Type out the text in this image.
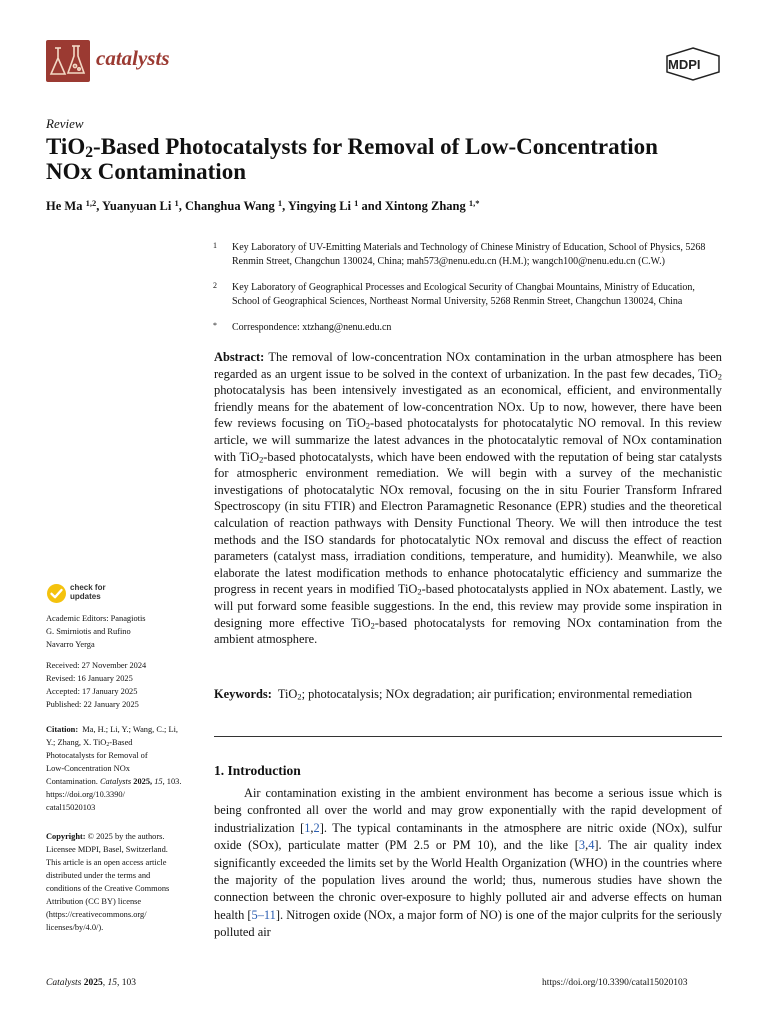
catalysts	MDPI
Review
TiO$_2$-Based Photocatalysts for Removal of Low-Concentration
NOx Contamination
He Ma $^{1,2}$, Yuanyuan Li $^1$, Changhua Wang $^1$, Yingying Li $^1$ and Xintong Zhang $^{1,*}$
1 Key Laboratory of UV-Emitting Materials and Technology of Chinese Ministry of Education, School of Physics, 5268 Renmin Street, Changchun 130024, China; mah573@nenu.edu.cn (H.M.); wangch100@nenu.edu.cn (C.W.)
2 Key Laboratory of Geographical Processes and Ecological Security of Changbai Mountains, Ministry of Education, School of Geographical Sciences, Northeast Normal University, 5268 Renmin Street, Changchun 130024, China
* Correspondence: xtzhang@nenu.edu.cn
Abstract: The removal of low-concentration NOx contamination in the urban atmosphere has been regarded as an urgent issue to be solved in the context of urbanization. In the past few decades, TiO$_2$ photocatalysis has been intensively investigated as an economical, efficient, and environmentally friendly means for the abatement of low-concentration NOx. Up to now, however, there have been few reviews focusing on TiO$_2$-based photocatalysts for photocatalytic NO removal. In this review article, we will summarize the latest advances in the photocatalytic removal of NOx contamination with TiO$_2$-based photocatalysts, which have been endowed with the reputation of being star catalysts for atmospheric environment remediation. We will begin with a survey of the mechanistic investigations of photocatalytic NOx removal, focusing on the in situ Fourier Transform Infrared Spectroscopy (in situ FTIR) and Electron Paramagnetic Resonance (EPR) studies and the theoretical calculation of reaction pathways with Density Functional Theory. We will then introduce the test methods and the ISO standards for photocatalytic NOx removal and discuss the effect of reaction parameters (catalyst mass, irradiation conditions, temperature, and humidity). Meanwhile, we also elaborate the latest modification methods to enhance photocatalytic efficiency and summarize the progress in recent years in modified TiO$_2$-based photocatalysts applied in NOx abatement. Lastly, we will put forward some feasible suggestions. In the end, this review may provide some inspiration in designing more effective TiO$_2$-based photocatalysts for removing NOx contamination from the ambient atmosphere.
Keywords: TiO$_2$; photocatalysis; NOx degradation; air purification; environmental remediation
1. Introduction
Air contamination existing in the ambient environment has become a serious issue which is being confronted all over the world and may grow exponentially with the rapid development of industrialization [1,2]. The typical contaminants in the atmosphere are nitric oxide (NOx), sulfur oxide (SOx), particulate matter (PM 2.5 or PM 10), and the like [3,4]. The air quality index significantly exceeded the limits set by the World Health Organization (WHO) in the countries where the majority of the population lives around the world; thus, numerous studies have shown the connection between the chronic over-exposure to highly polluted air and adverse effects on human health [5–11]. Nitrogen oxide (NOx, a major form of NO) is one of the major culprits for the seriously polluted air
check for
updates
Academic Editors: Panagiotis
G. Smirniotis and Rufino
Navarro Yerga
Received: 27 November 2024
Revised: 16 January 2025
Accepted: 17 January 2025
Published: 22 January 2025
Citation: Ma, H.; Li, Y.; Wang, C.; Li,
Y.; Zhang, X. TiO$_2$-Based
Photocatalysts for Removal of
Low-Concentration NOx
Contamination. Catalysts 2025, 15, 103.
https://doi.org/10.3390/
catal15020103
Copyright: © 2025 by the authors.
Licensee MDPI, Basel, Switzerland.
This article is an open access article
distributed under the terms and
conditions of the Creative Commons
Attribution (CC BY) license
(https://creativecommons.org/
licenses/by/4.0/).
Catalysts 2025, 15, 103	https://doi.org/10.3390/catal15020103
